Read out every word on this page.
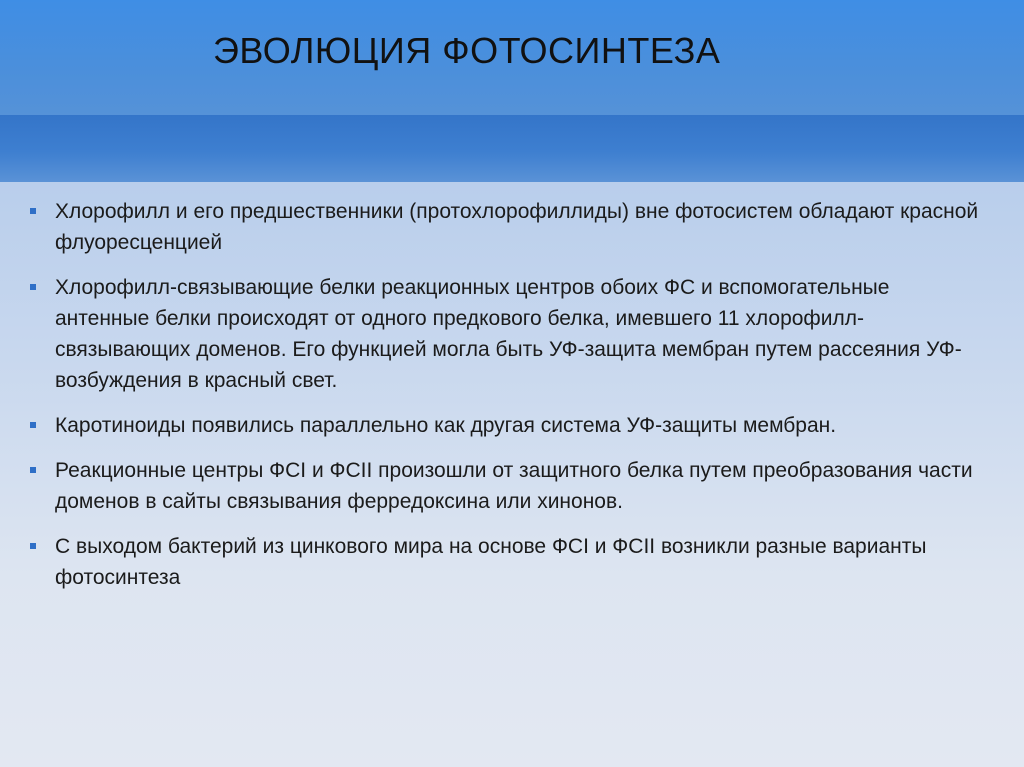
ЭВОЛЮЦИЯ ФОТОСИНТЕЗА
Хлорофилл и его предшественники (протохлорофиллиды) вне фотосистем обладают красной флуоресценцией
Хлорофилл-связывающие белки реакционных центров обоих ФС и вспомогательные антенные белки происходят от одного предкового белка, имевшего 11 хлорофилл-связывающих доменов. Его функцией могла быть УФ-защита мембран путем рассеяния УФ-возбуждения в красный свет.
Каротиноиды появились параллельно как другая система УФ-защиты мембран.
Реакционные центры ФСI и ФСII произошли от защитного белка путем преобразования части доменов в сайты связывания ферредоксина или хинонов.
С выходом бактерий из цинкового мира на основе ФСI и ФСII возникли разные варианты фотосинтеза
